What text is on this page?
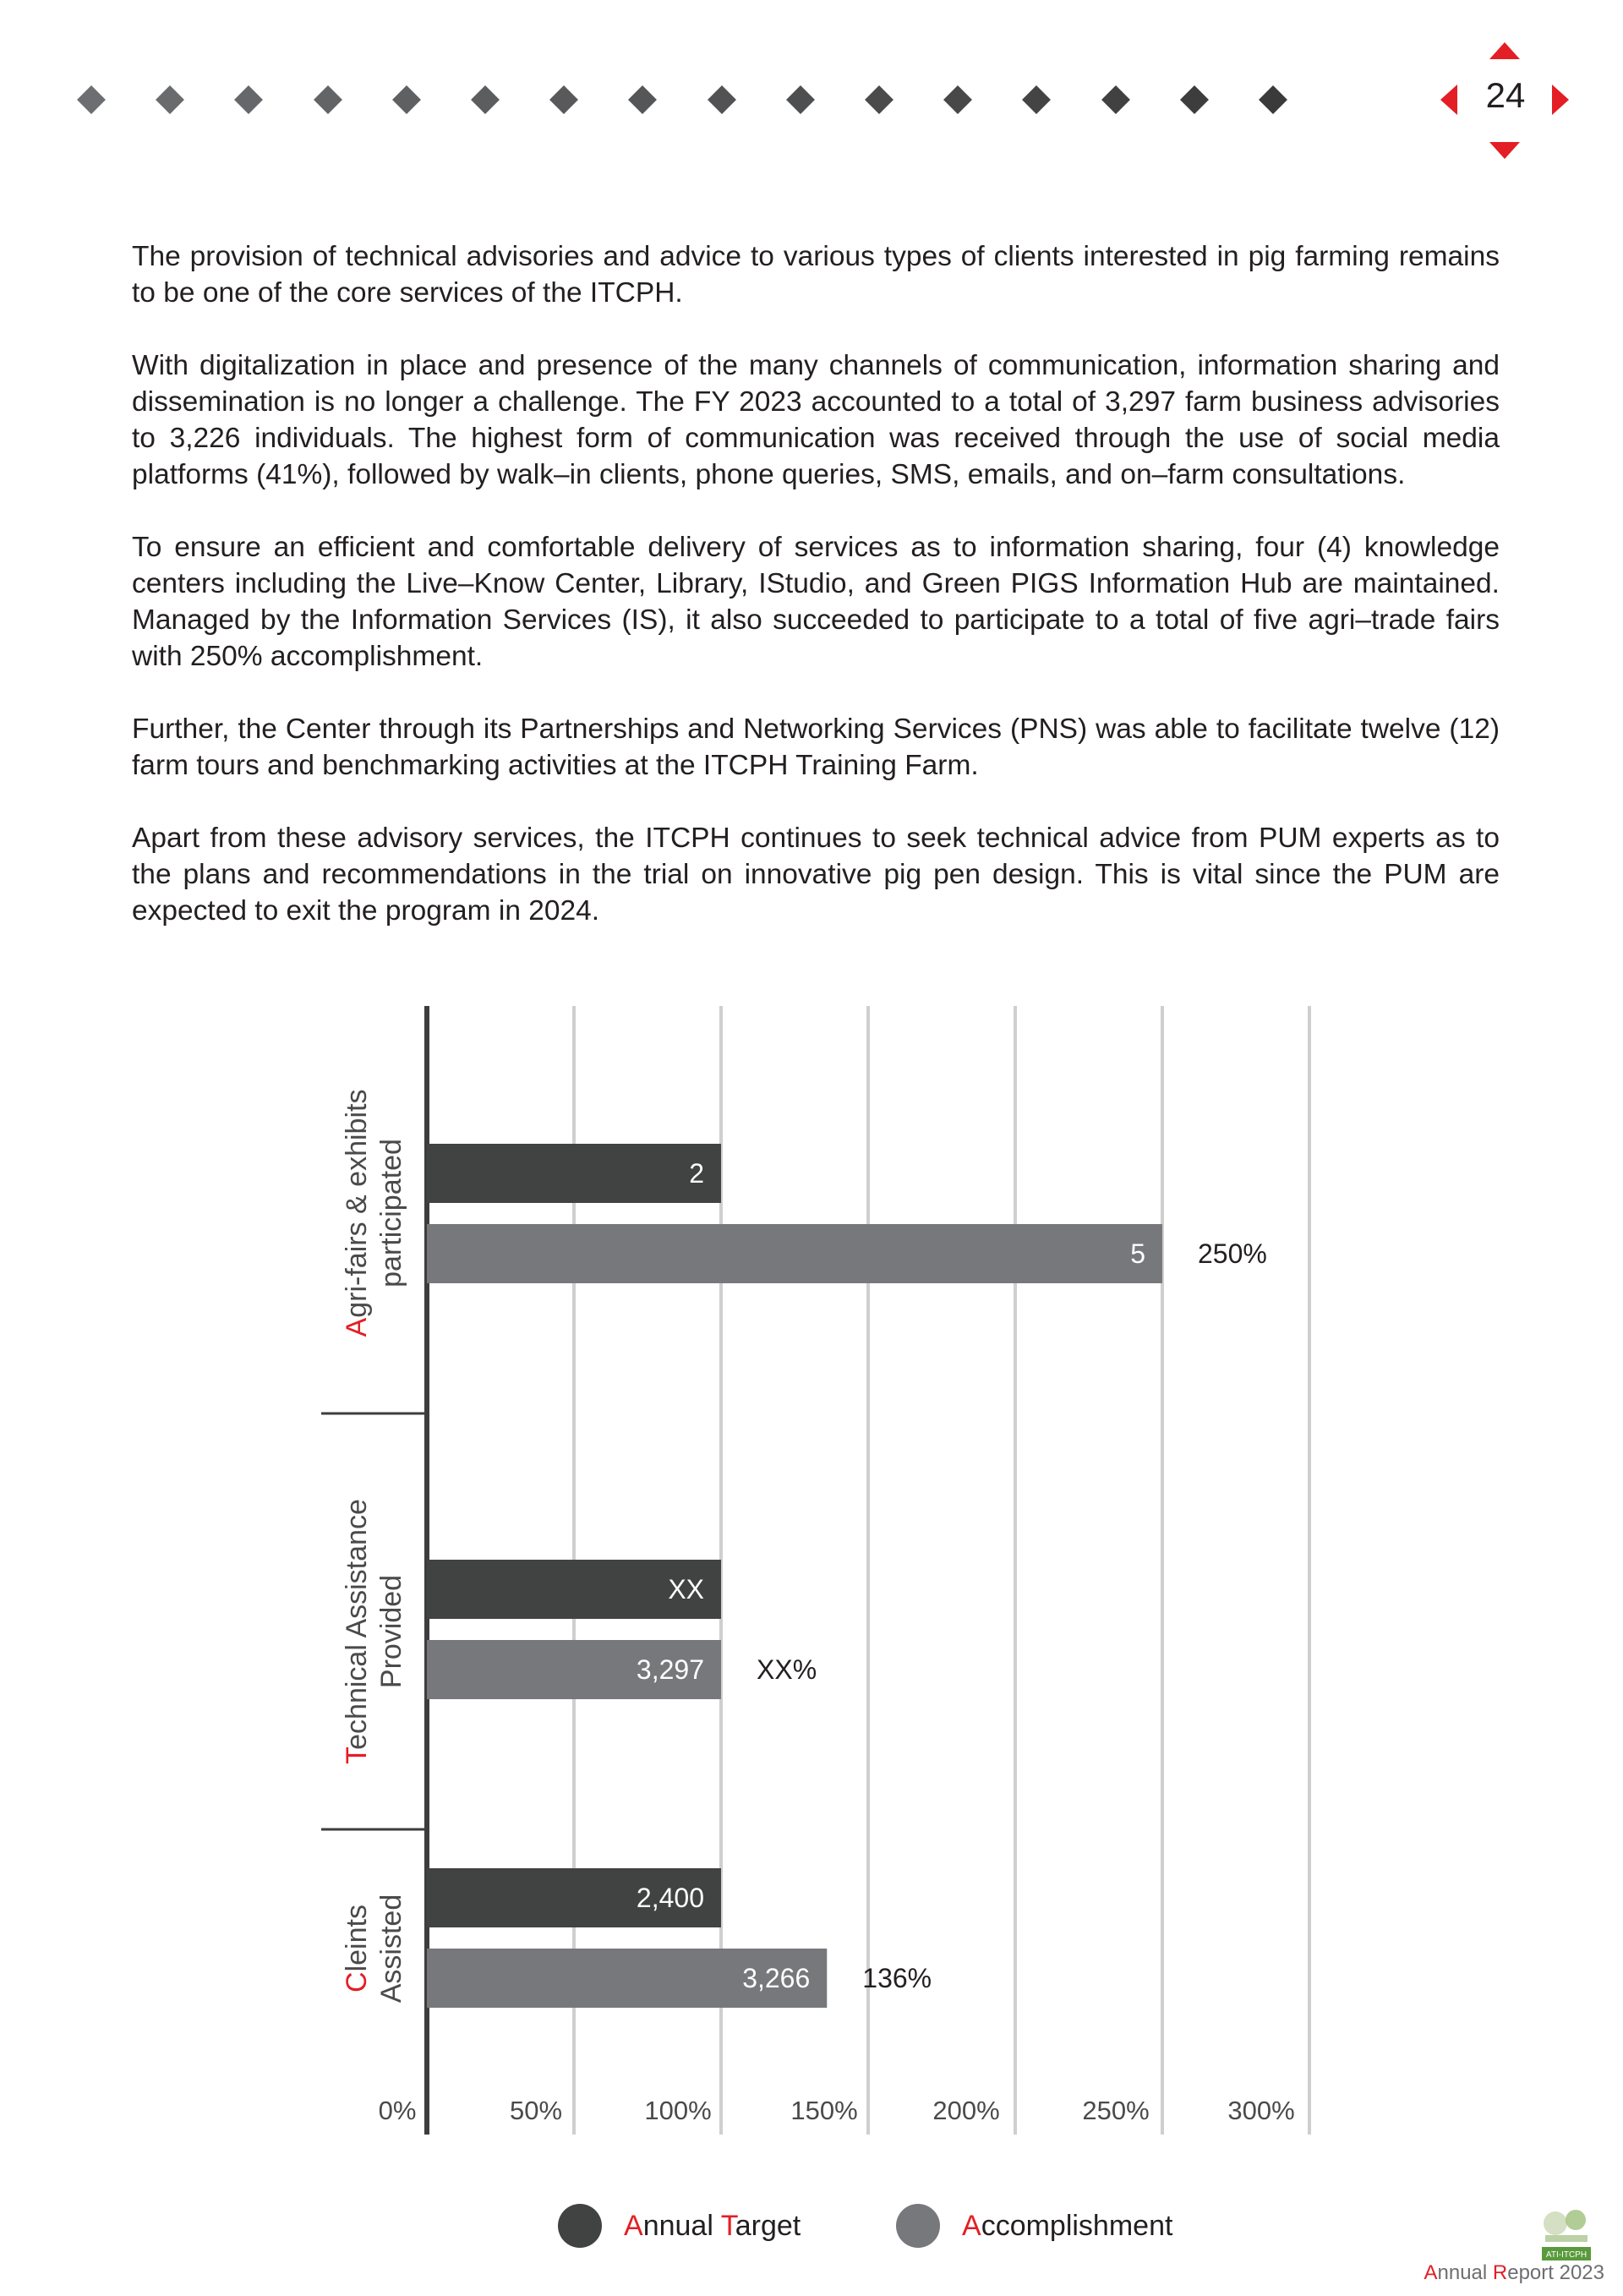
24

The provision of technical advisories and advice to various types of clients interested in pig farming remains to be one of the core services of the ITCPH.

With digitalization in place and presence of the many channels of communication, information sharing and dissemination is no longer a challenge. The FY 2023 accounted to a total of 3,297 farm business advisories to 3,226 individuals. The highest form of communication was received through the use of social media platforms (41%), followed by walk–in clients, phone queries, SMS, emails, and on–farm consultations.

To ensure an efficient and comfortable delivery of services as to information sharing, four (4) knowledge centers including the Live–Know Center, Library, IStudio, and Green PIGS Information Hub are maintained. Managed by the Information Services (IS), it also succeeded to participate to a total of five agri–trade fairs with 250% accomplishment.

Further, the Center through its Partnerships and Networking Services (PNS) was able to facilitate twelve (12) farm tours and benchmarking activities at the ITCPH Training Farm.

Apart from these advisory services, the ITCPH continues to seek technical advice from PUM experts as to the plans and recommendations in the trial on innovative pig pen design. This is vital since the PUM are expected to exit the program in 2024.

0%	50%	100%	150%	200%	250%	300%
2
5 250%
XX
3,297 XX%
2,400
3,266 136%
Agri-fairs & exhibits participated
Technical Assistance Provided
Cleints Assisted
Annual Target	Accomplishment
ATI-ITCPH
Annual Report 2023
